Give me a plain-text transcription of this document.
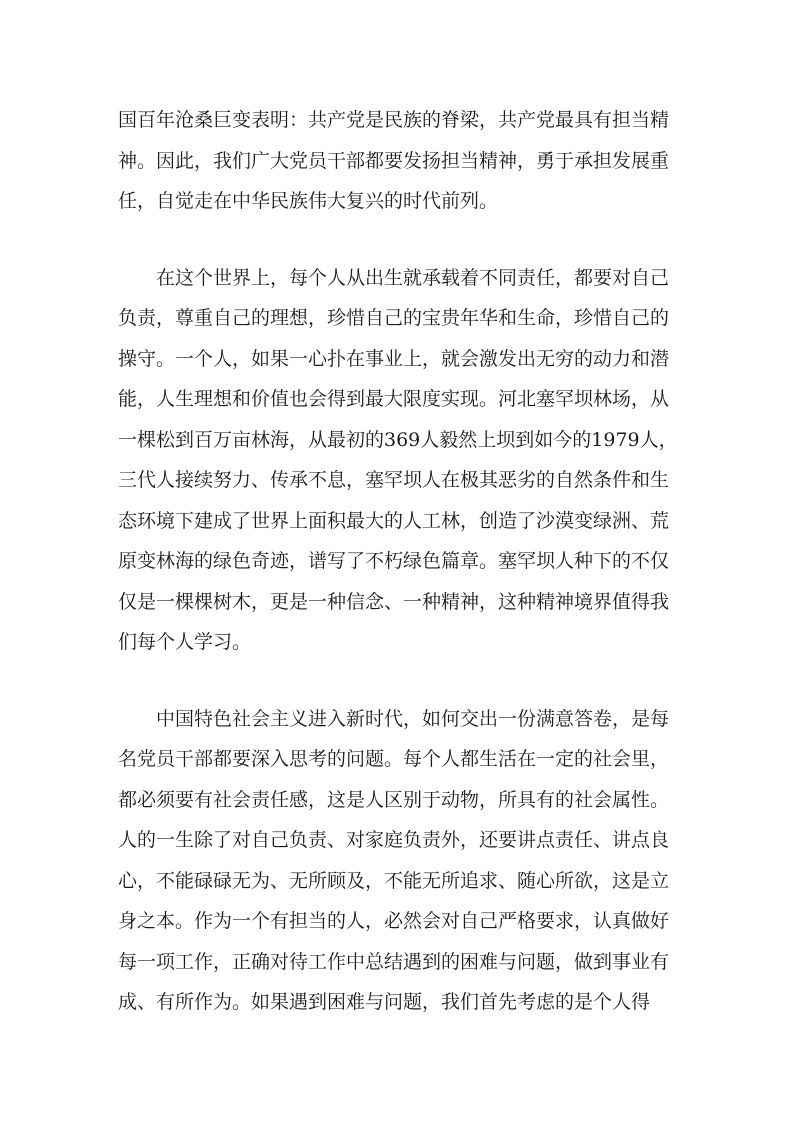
国百年沧桑巨变表明：共产党是民族的脊梁，共产党最具有担当精
神。因此，我们广大党员干部都要发扬担当精神，勇于承担发展重
任，自觉走在中华民族伟大复兴的时代前列。
　　在这个世界上，每个人从出生就承载着不同责任，都要对自己
负责，尊重自己的理想，珍惜自己的宝贵年华和生命，珍惜自己的
操守。一个人，如果一心扑在事业上，就会激发出无穷的动力和潜
能，人生理想和价值也会得到最大限度实现。河北塞罕坝林场，从
一棵松到百万亩林海，从最初的369人毅然上坝到如今的1979人，
三代人接续努力、传承不息，塞罕坝人在极其恶劣的自然条件和生
态环境下建成了世界上面积最大的人工林，创造了沙漠变绿洲、荒
原变林海的绿色奇迹，谱写了不朽绿色篇章。塞罕坝人种下的不仅
仅是一棵棵树木，更是一种信念、一种精神，这种精神境界值得我
们每个人学习。
　　中国特色社会主义进入新时代，如何交出一份满意答卷，是每
名党员干部都要深入思考的问题。每个人都生活在一定的社会里，
都必须要有社会责任感，这是人区别于动物，所具有的社会属性。
人的一生除了对自己负责、对家庭负责外，还要讲点责任、讲点良
心，不能碌碌无为、无所顾及，不能无所追求、随心所欲，这是立
身之本。作为一个有担当的人，必然会对自己严格要求，认真做好
每一项工作，正确对待工作中总结遇到的困难与问题，做到事业有
成、有所作为。如果遇到困难与问题，我们首先考虑的是个人得
